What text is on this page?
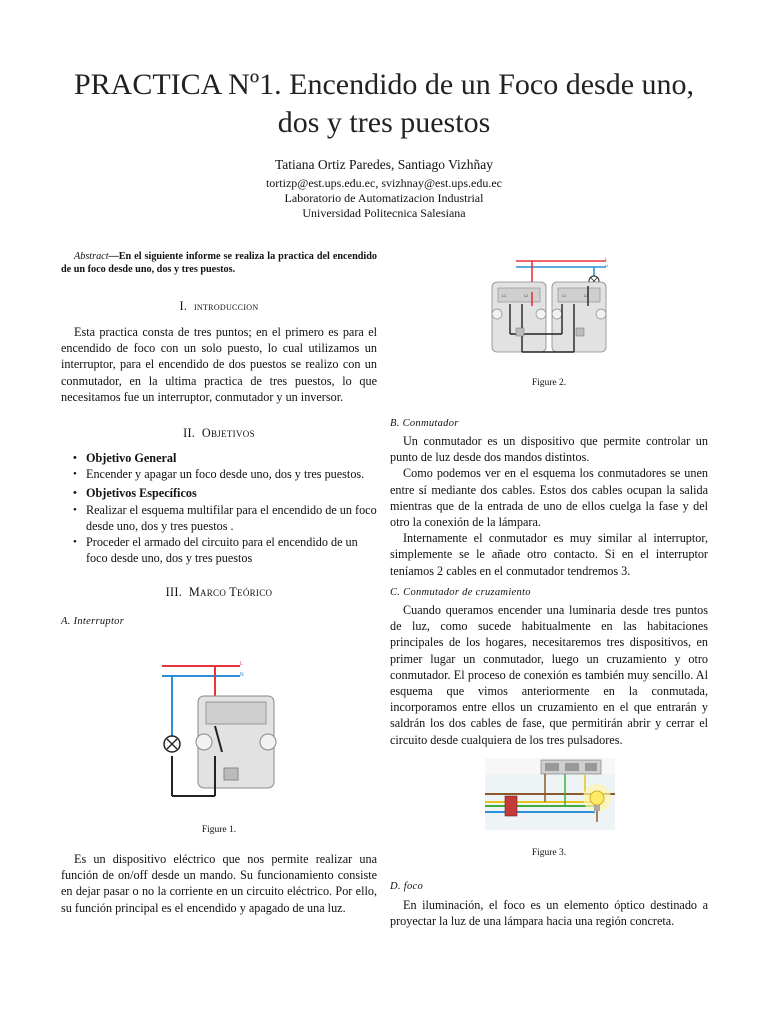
PRACTICA Nº1. Encendido de un Foco desde uno,
dos y tres puestos
Tatiana Ortiz Paredes, Santiago Vizhñay
tortizp@est.ups.edu.ec, svizhnay@est.ups.edu.ec
Laboratorio de Automatizacion Industrial
Universidad Politecnica Salesiana

Abstract—En el siguiente informe se realiza la practica del encendido de un foco desde uno, dos y tres puestos.

I. introduccion

Esta practica consta de tres puntos; en el primero es para el encendido de foco con un solo puesto, lo cual utilizamos un interruptor, para el encendido de dos puestos se realizo con un conmutador, en la ultima practica de tres puestos, lo que necesitamos fue un interruptor, conmutador y un inversor.

II. Objetivos
• Objetivo General
• Encender y apagar un foco desde uno, dos y tres puestos.
• Objetivos Específicos
• Realizar el esquema multifilar para el encendido de un foco desde uno, dos y tres puestos .
• Proceder el armado del circuito para el encendido de un foco desde uno, dos y tres puestos
III. Marco Teórico
A. Interruptor
L
N
Figure 1.

Es un dispositivo eléctrico que nos permite realizar una función de on/off desde un mando. Su funcionamiento consiste en dejar pasar o no la corriente en un circuito eléctrico. Por ello, su función principal es el encendido y apagado de una luz.

L
N
L1	L2	L1	L2
Figure 2.
B. Conmutador

Un conmutador es un dispositivo que permite controlar un punto de luz desde dos mandos distintos.

Como podemos ver en el esquema los conmutadores se unen entre sí mediante dos cables. Estos dos cables ocupan la salida mientras que de la entrada de uno de ellos cuelga la fase y del otro la conexión de la lámpara.

Internamente el conmutador es muy similar al interruptor, simplemente se le añade otro contacto. Si en el interruptor teníamos 2 cables en el conmutador tendremos 3.

C. Conmutador de cruzamiento

Cuando queramos encender una luminaria desde tres puntos de luz, como sucede habitualmente en las habitaciones principales de los hogares, necesitaremos tres dispositivos, en primer lugar un conmutador, luego un cruzamiento y otro conmutador. El proceso de conexión es también muy sencillo. Al esquema que vimos anteriormente en la conmutada, incorporamos entre ellos un cruzamiento en el que entrarán y saldrán los dos cables de fase, que permitirán abrir y cerrar el circuito desde cualquiera de los tres pulsadores.

Figure 3.
D. foco

En iluminación, el foco es un elemento óptico destinado a proyectar la luz de una lámpara hacia una región concreta.
